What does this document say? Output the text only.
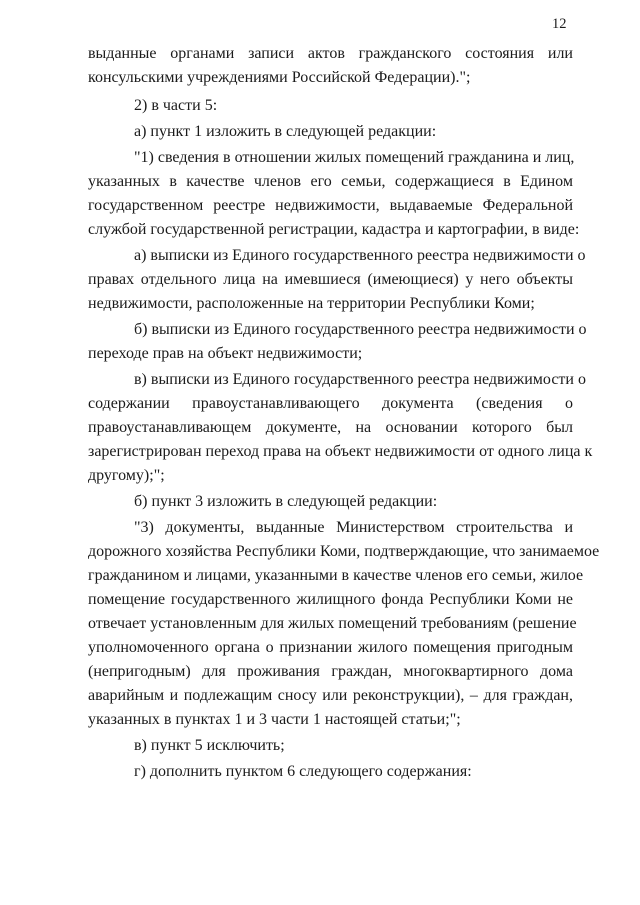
12
выданные органами записи актов гражданского состояния или
консульскими учреждениями Российской Федерации).";
2) в части 5:
а) пункт 1 изложить в следующей редакции:
"1) сведения в отношении жилых помещений гражданина и лиц,
указанных в качестве членов его семьи, содержащиеся в Едином
государственном реестре недвижимости, выдаваемые Федеральной
службой государственной регистрации, кадастра и картографии, в виде:
а) выписки из Единого государственного реестра недвижимости о
правах отдельного лица на имевшиеся (имеющиеся) у него объекты
недвижимости, расположенные на территории Республики Коми;
б) выписки из Единого государственного реестра недвижимости о
переходе прав на объект недвижимости;
в) выписки из Единого государственного реестра недвижимости о
содержании правоустанавливающего документа (сведения о
правоустанавливающем документе, на основании которого был
зарегистрирован переход права на объект недвижимости от одного лица к
другому);";
б) пункт 3 изложить в следующей редакции:
"3) документы, выданные Министерством строительства и
дорожного хозяйства Республики Коми, подтверждающие, что занимаемое
гражданином и лицами, указанными в качестве членов его семьи, жилое
помещение государственного жилищного фонда Республики Коми не
отвечает установленным для жилых помещений требованиям (решение
уполномоченного органа о признании жилого помещения пригодным
(непригодным) для проживания граждан, многоквартирного дома
аварийным и подлежащим сносу или реконструкции), – для граждан,
указанных в пунктах 1 и 3 части 1 настоящей статьи;";
в) пункт 5 исключить;
г) дополнить пунктом 6 следующего содержания:
